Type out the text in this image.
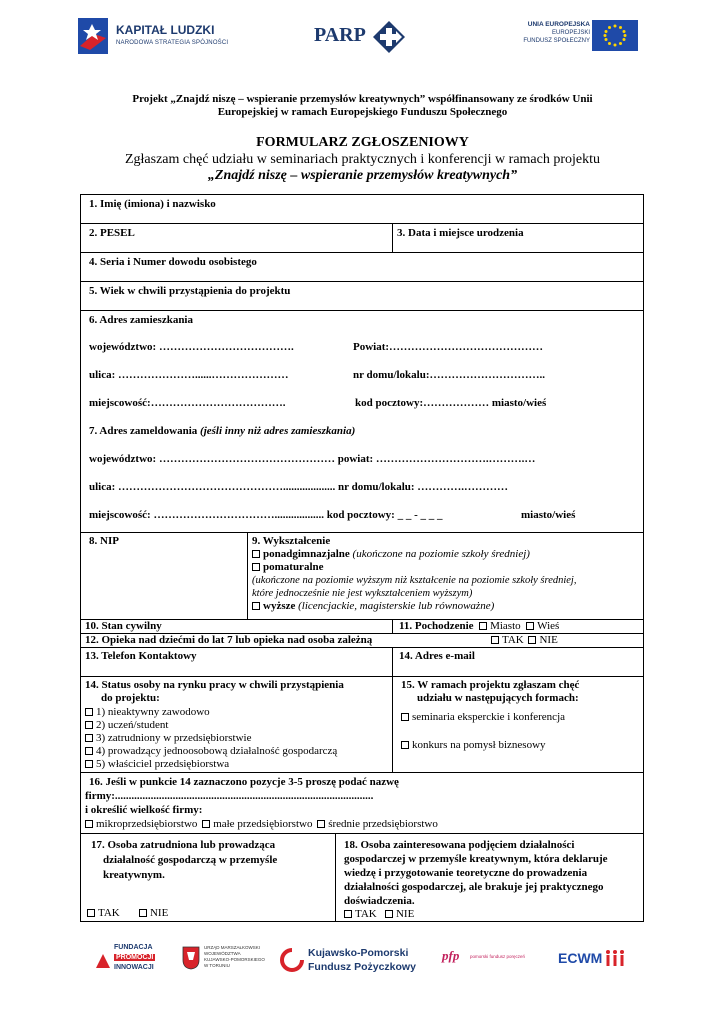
KAPITAŁ LUDZKI
NARODOWA STRATEGIA SPÓJNOŚCI	PARP	UNIA EUROPEJSKA
EUROPEJSKI
FUNDUSZ SPOŁECZNY
Projekt „Znajdź niszę – wspieranie przemysłów kreatywnych” współfinansowany ze środków Unii
Europejskiej w ramach Europejskiego Funduszu Społecznego
FORMULARZ ZGŁOSZENIOWY
Zgłaszam chęć udziału w seminariach praktycznych i konferencji w ramach projektu
„Znajdź niszę – wspieranie przemysłów kreatywnych”
1. Imię (imiona) i nazwisko
2. PESEL	3. Data i miejsce urodzenia
4. Seria i Numer dowodu osobistego
5. Wiek w chwili przystąpienia do projektu
6. Adres zamieszkania
województwo: ……………………………….	Powiat:……………………………………
ulica: …………………......…………………	nr domu/lokalu:…………………………..
miejscowość:……………………………….	kod pocztowy:……………… miasto/wieś
7. Adres zameldowania (jeśli inny niż adres zamieszkania)
województwo: ………………………………………… powiat: ………………………….……….…
ulica: ………………………………………................... nr domu/lokalu: ………….…………
miejscowość: …………………………….................. kod pocztowy: _ _ - _ _ _	miasto/wieś
8. NIP	9. Wykształcenie
ponadgimnazjalne (ukończone na poziomie szkoły średniej)
pomaturalne
(ukończone na poziomie wyższym niż kształcenie na poziomie szkoły średniej,
które jednocześnie nie jest wykształceniem wyższym)
wyższe (licencjackie, magisterskie lub równoważne)
10. Stan cywilny	11. Pochodzenie Miasto Wieś
12. Opieka nad dziećmi do lat 7 lub opieka nad osoba zależną	TAK NIE
13. Telefon Kontaktowy	14. Adres e-mail
14. Status osoby na rynku pracy w chwili przystąpienia
do projektu:
1) nieaktywny zawodowo
2) uczeń/student
3) zatrudniony w przedsiębiorstwie
4) prowadzący jednoosobową działalność gospodarczą
5) właściciel przedsiębiorstwa
15. W ramach projektu zgłaszam chęć
udziału w następujących formach:
seminaria eksperckie i konferencja
konkurs na pomysł biznesowy
16. Jeśli w punkcie 14 zaznaczono pozycje 3-5 proszę podać nazwę
firmy:..............................................................................................
i określić wielkość firmy:
mikroprzedsiębiorstwo małe przedsiębiorstwo średnie przedsiębiorstwo
17. Osoba zatrudniona lub prowadząca
działalność gospodarczą w przemyśle
kreatywnym.
TAK	NIE
18. Osoba zainteresowana podjęciem działalności
gospodarczej w przemyśle kreatywnym, która deklaruje
wiedzę i przygotowanie teoretyczne do prowadzenia
działalności gospodarczej, ale brakuje jej praktycznego
doświadczenia.
TAK NIE
FUNDACJA
PROMOCJI
INNOWACJI
URZĄD MARSZAŁKOWSKI
WOJEWÓDZTWA
KUJAWSKO-POMORSKIEGO
W TORUNIU
Kujawsko-Pomorski
Fundusz Pożyczkowy
pfp pomorski fundusz poręczeń ECWM
